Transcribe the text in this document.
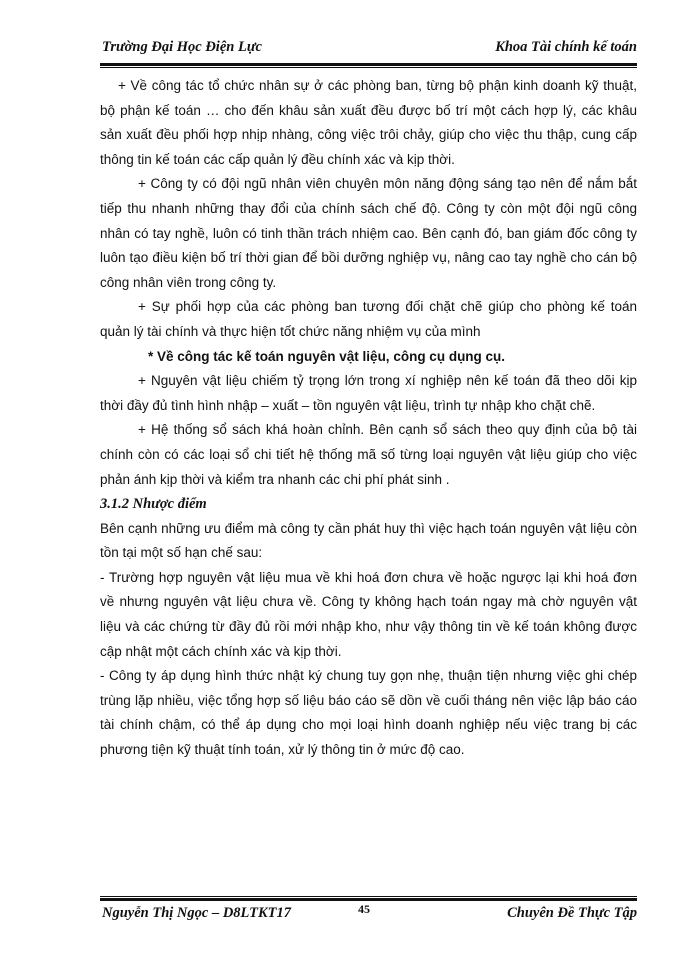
Trường Đại Học Điện Lực	Khoa Tài chính kế toán

+ Về công tác tổ chức nhân sự ở các phòng ban, từng bộ phận kinh doanh kỹ thuật, bộ phận kế toán … cho đến khâu sản xuất đều được bố trí một cách hợp lý, các khâu sản xuất đều phối hợp nhịp nhàng, công việc trôi chảy, giúp cho việc thu thập, cung cấp thông tin kế toán các cấp quản lý đều chính xác và kịp thời.

+ Công ty có đội ngũ nhân viên chuyên môn năng động sáng tạo nên để nắm bắt tiếp thu nhanh những thay đổi của chính sách chế độ. Công ty còn một đội ngũ công nhân có tay nghề, luôn có tinh thần trách nhiệm cao. Bên cạnh đó, ban giám đốc công ty luôn tạo điều kiện bố trí thời gian để bồi dưỡng nghiệp vụ, nâng cao tay nghề cho cán bộ công nhân viên trong công ty.

+ Sự phối hợp của các phòng ban tương đối chặt chẽ giúp cho phòng kế toán quản lý tài chính và thực hiện tốt chức năng nhiệm vụ của mình

* Về công tác kế toán nguyên vật liệu, công cụ dụng cụ.

+ Nguyên vật liệu chiếm tỷ trọng lớn trong xí nghiệp nên kế toán đã theo dõi kịp thời đầy đủ tình hình nhập – xuất – tồn nguyên vật liệu, trình tự nhập kho chặt chẽ.

+ Hệ thống sổ sách khá hoàn chỉnh. Bên cạnh sổ sách theo quy định của bộ tài chính còn có các loại sổ chi tiết hệ thống mã số từng loại nguyên vật liệu giúp cho việc phản ánh kịp thời và kiểm tra nhanh các chi phí phát sinh .

3.1.2 Nhược điểm

Bên cạnh những ưu điểm mà công ty cần phát huy thì việc hạch toán nguyên vật liệu còn tồn tại một số hạn chế sau:

- Trường hợp nguyên vật liệu mua về khi hoá đơn chưa về hoặc ngược lại khi hoá đơn về nhưng nguyên vật liệu chưa về. Công ty không hạch toán ngay mà chờ nguyên vật liệu và các chứng từ đầy đủ rồi mới nhập kho, như vậy thông tin về kế toán không được cập nhật một cách chính xác và kịp thời.

- Công ty áp dụng hình thức nhật ký chung tuy gọn nhẹ, thuận tiện nhưng việc ghi chép trùng lặp nhiều, việc tổng hợp số liệu báo cáo sẽ dồn về cuối tháng nên việc lập báo cáo tài chính chậm, có thể áp dụng cho mọi loại hình doanh nghiệp nếu việc trang bị các phương tiện kỹ thuật tính toán, xử lý thông tin ở mức độ cao.

Nguyễn Thị Ngọc – D8LTKT17	45	Chuyên Đề Thực Tập
